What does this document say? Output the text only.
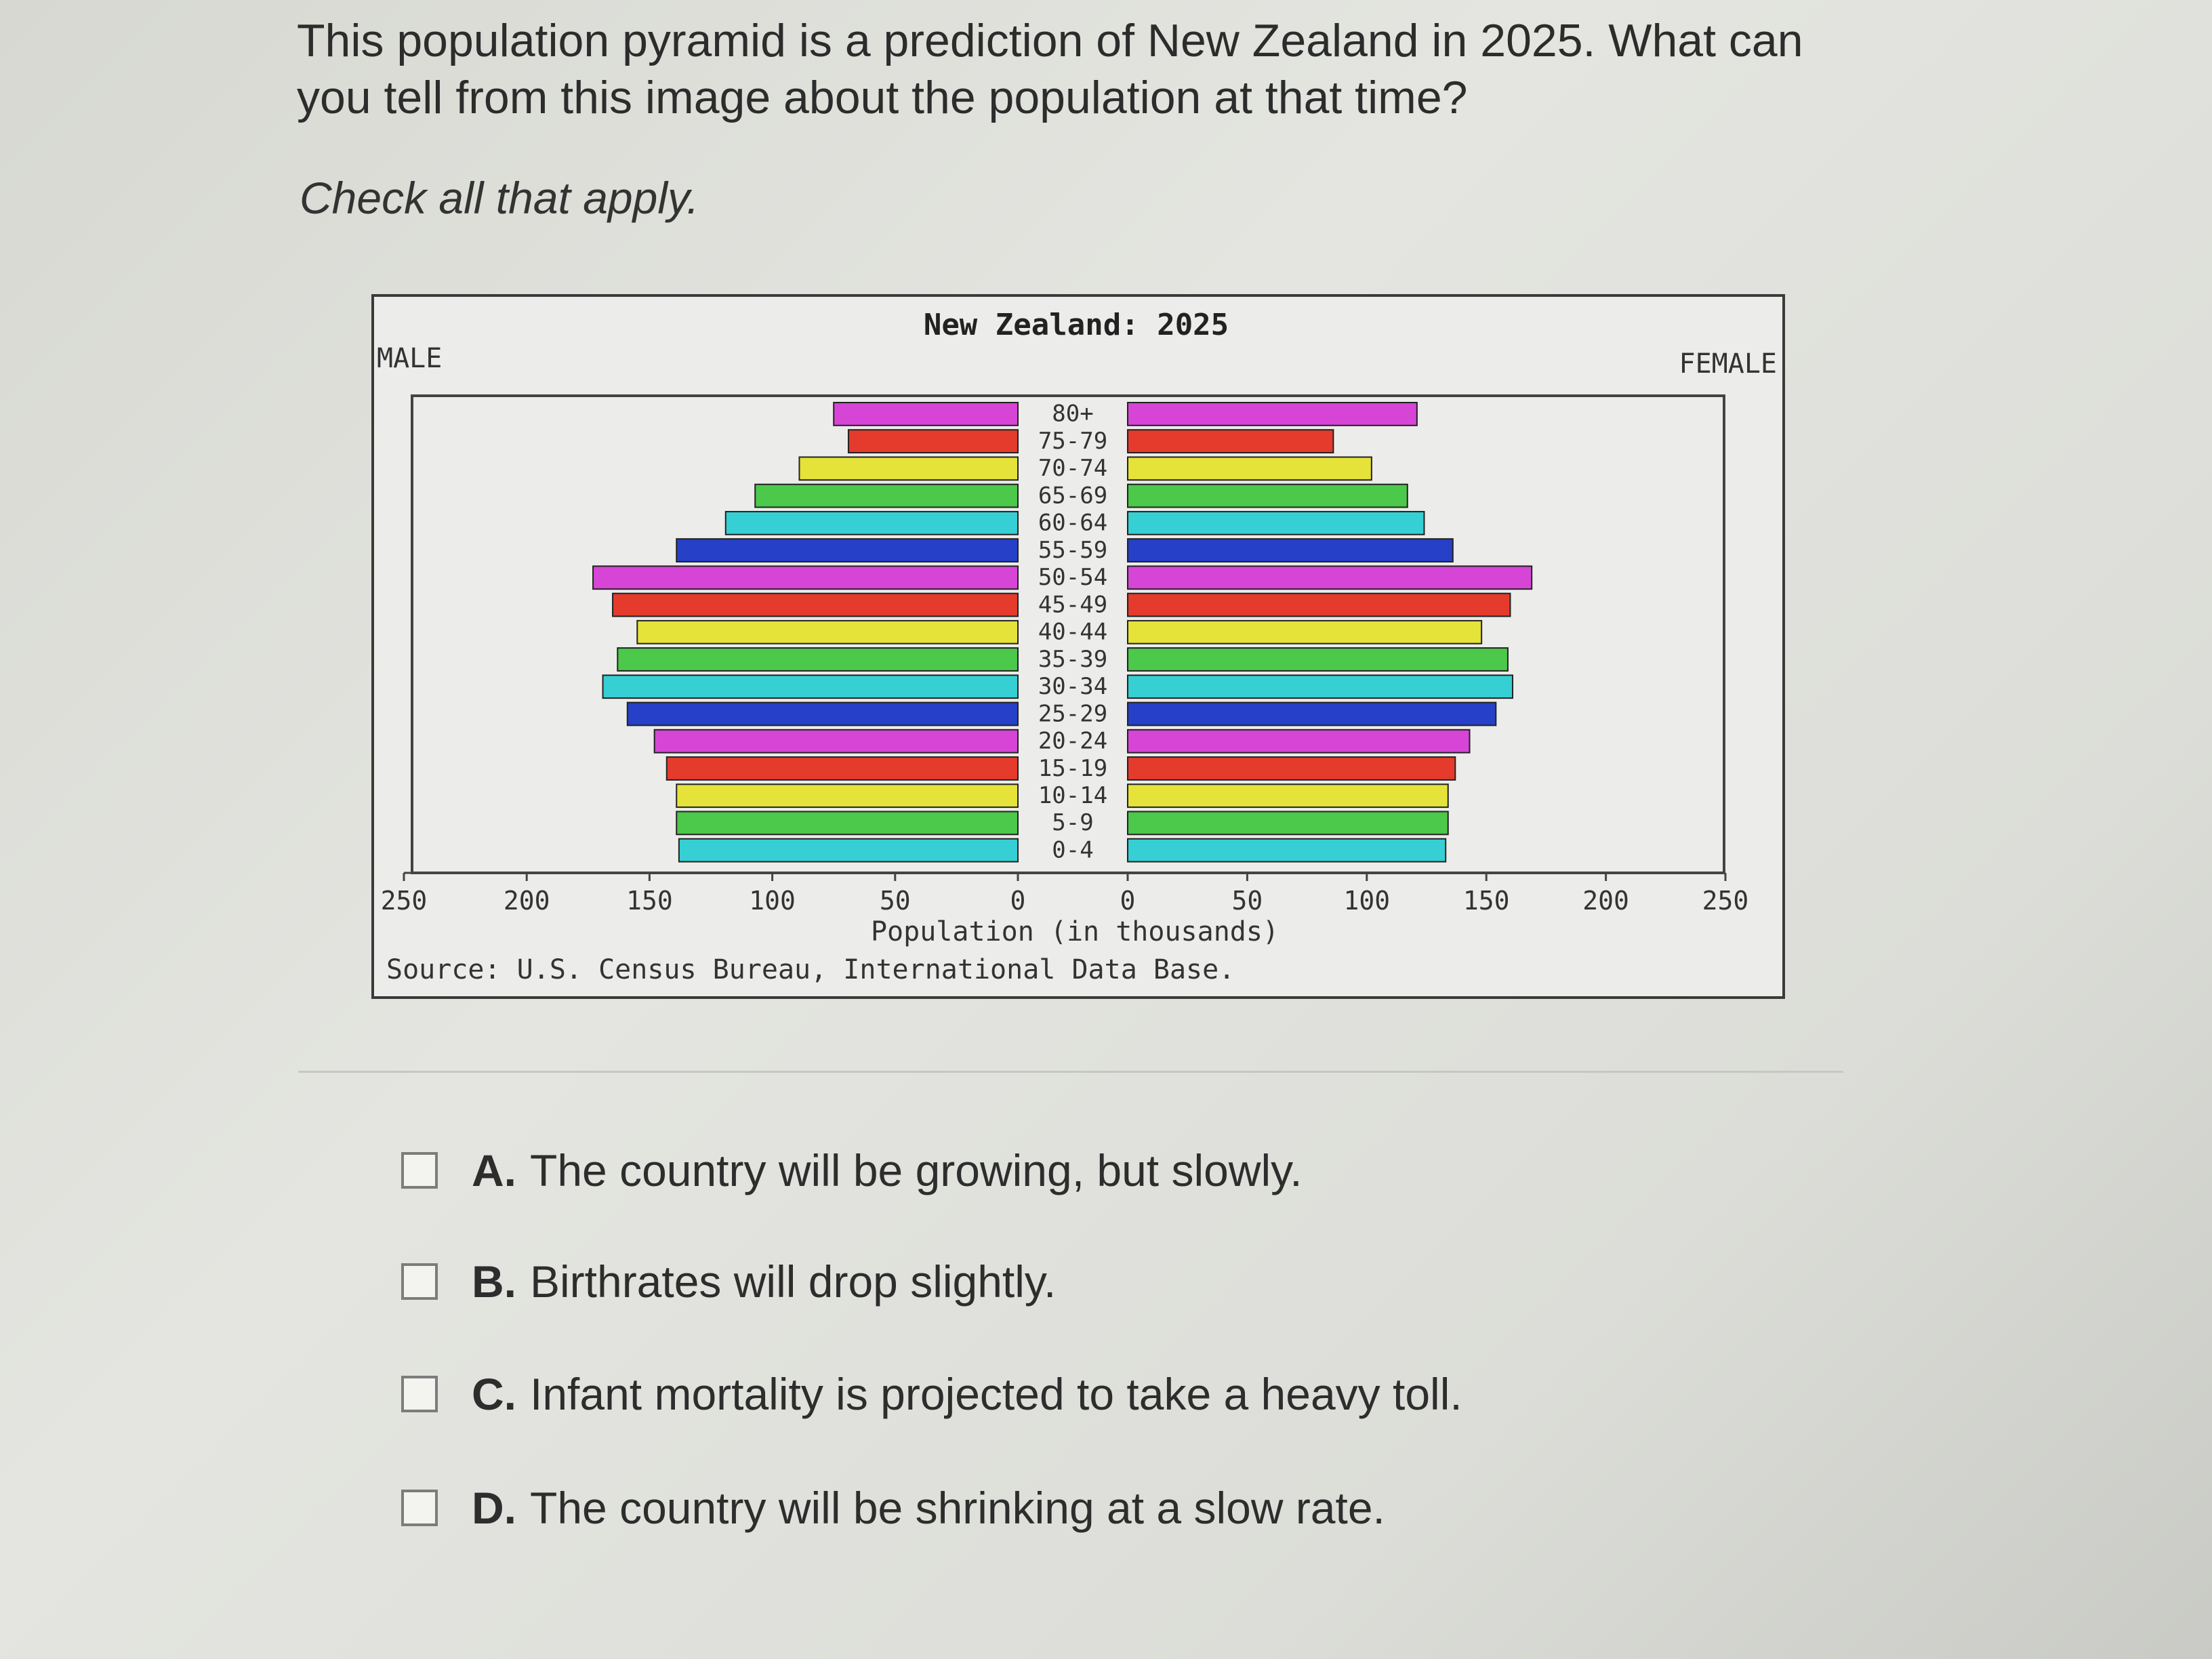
This population pyramid is a prediction of New Zealand in 2025. What can
you tell from this image about the population at that time?
Check all that apply.
New Zealand: 2025
MALE	FEMALE
Population (in thousands)
Source: U.S. Census Bureau, International Data Base.
80+
75-79
70-74
65-69
60-64
55-59
50-54
45-49
40-44
35-39
30-34
25-29
20-24
15-19
10-14
5-9
0-4
250	200	150	100	50	0	0	50	100	150	200	250
A. The country will be growing, but slowly.
B. Birthrates will drop slightly.
C. Infant mortality is projected to take a heavy toll.
D. The country will be shrinking at a slow rate.
